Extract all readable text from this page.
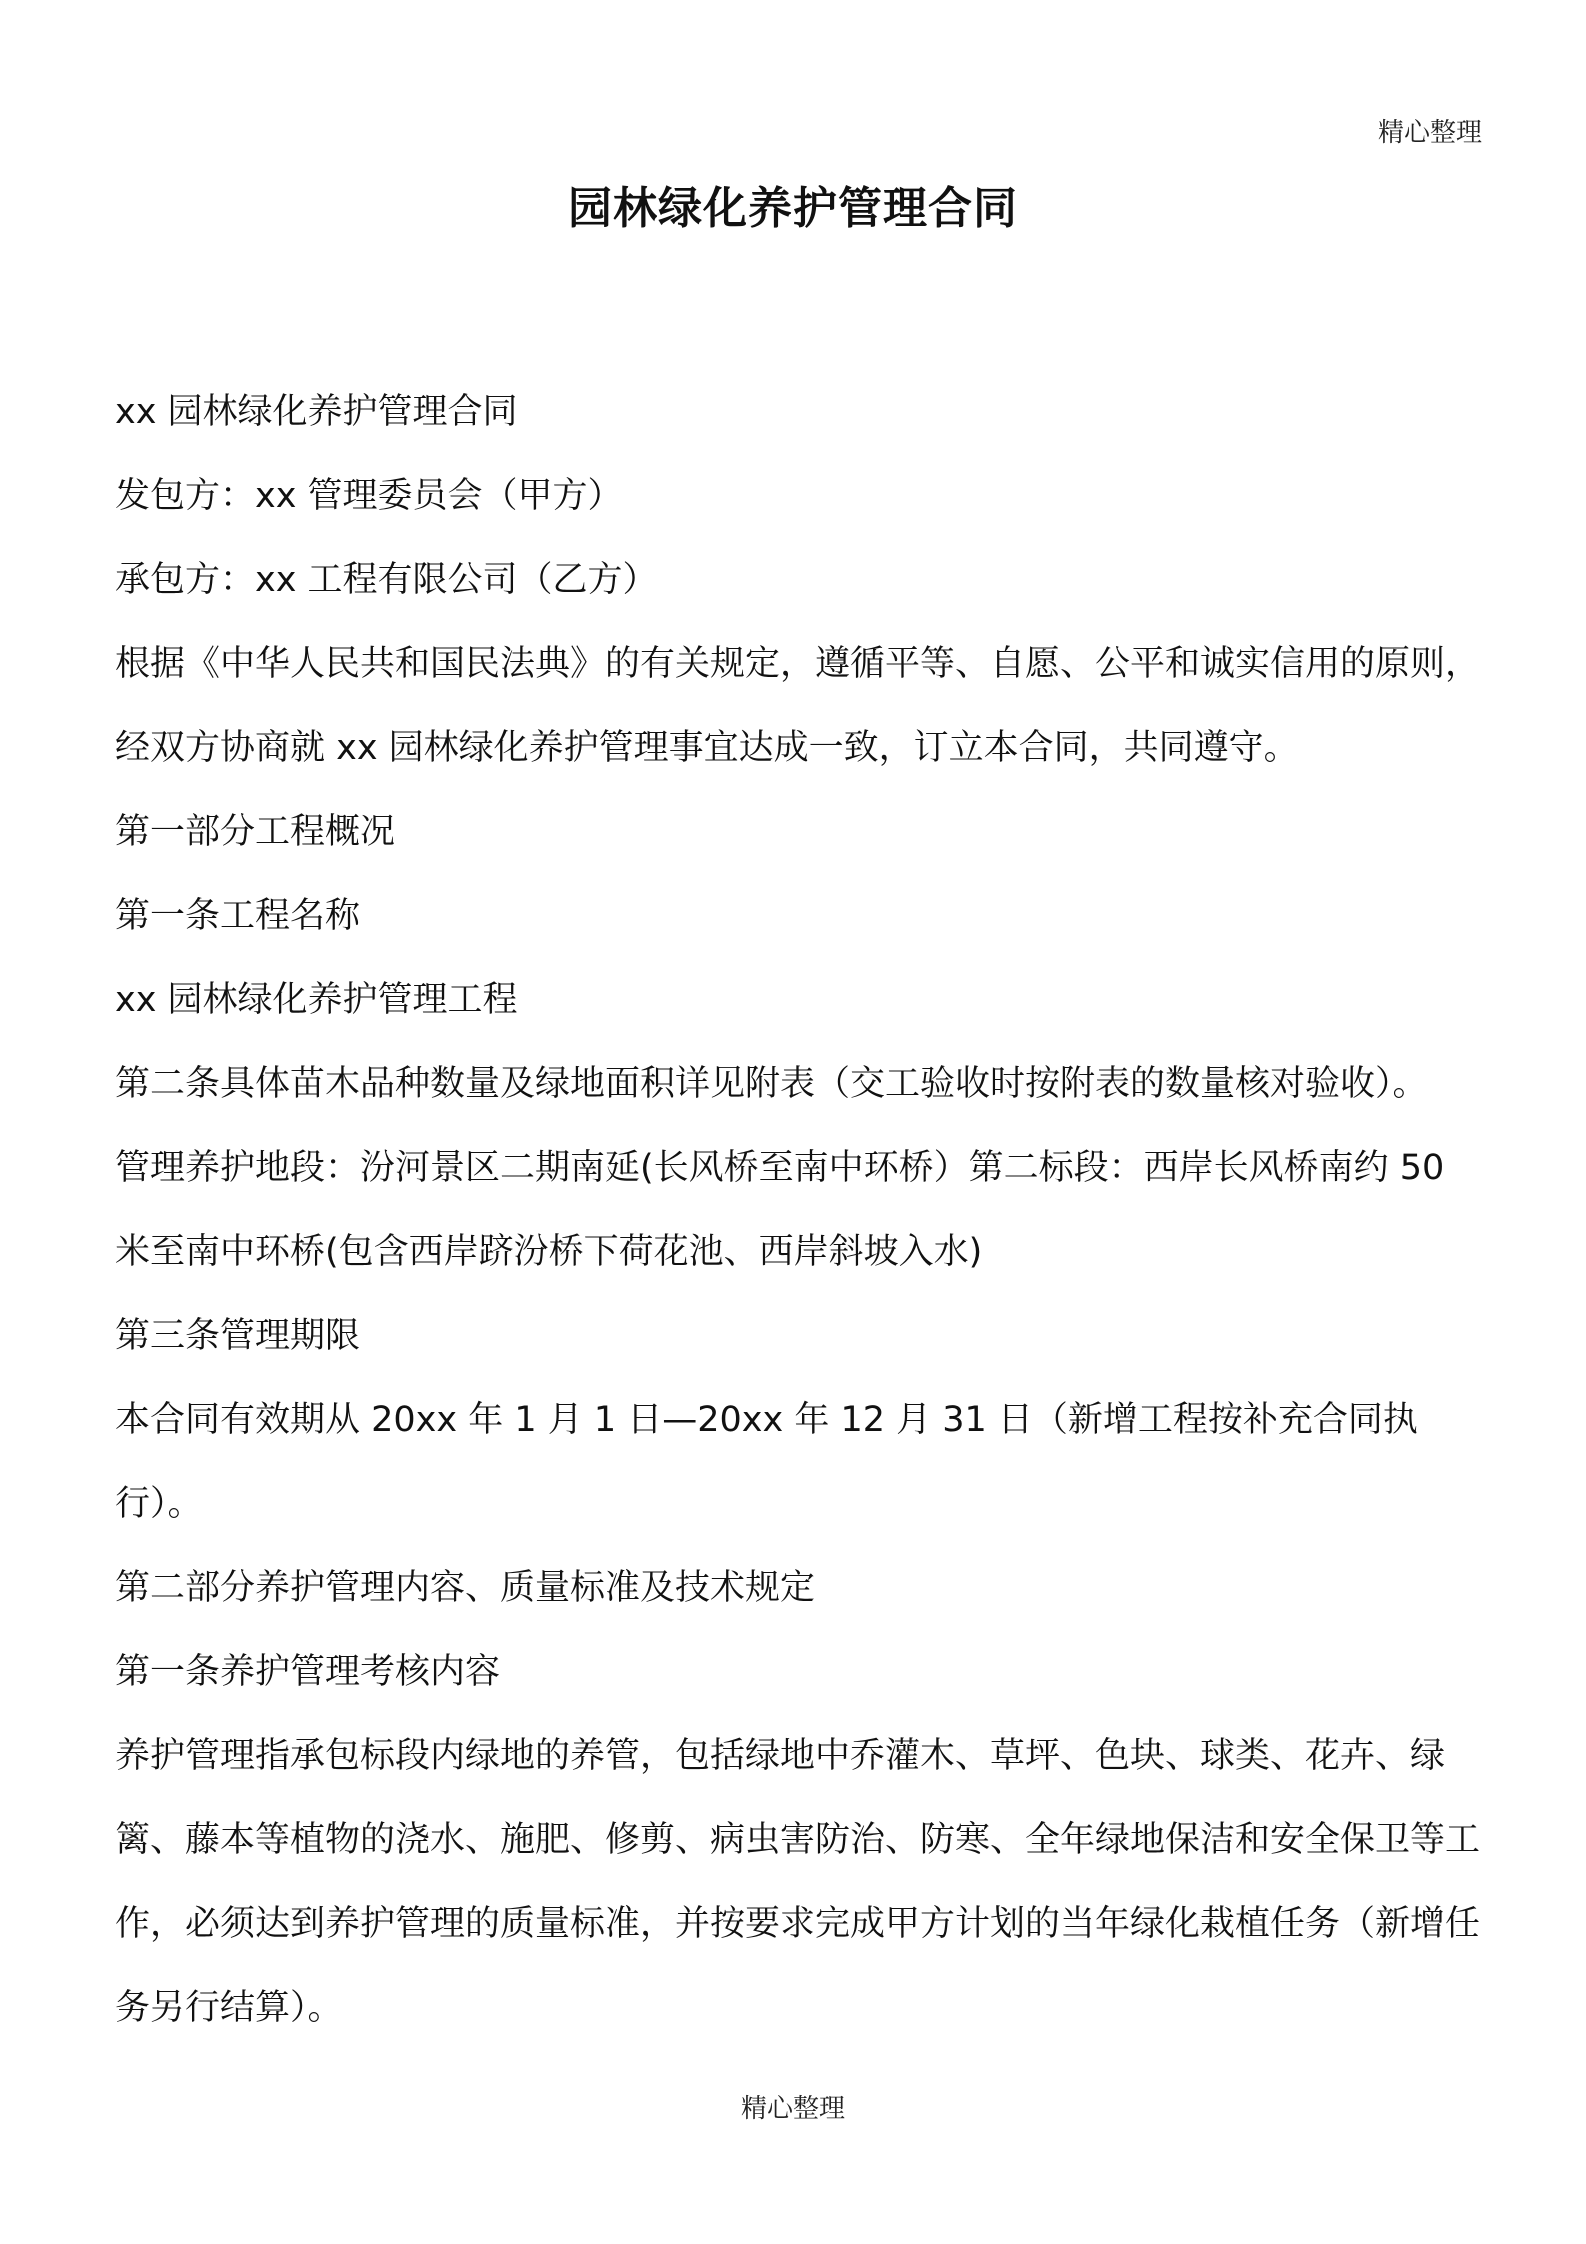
精心整理
园林绿化养护管理合同

xx 园林绿化养护管理合同

发包方：xx 管理委员会（甲方）

承包方：xx 工程有限公司（乙方）

根据《中华人民共和国民法典》的有关规定，遵循平等、自愿、公平和诚实信用的原则，经双方协商就 xx 园林绿化养护管理事宜达成一致，订立本合同，共同遵守。

第一部分工程概况

第一条工程名称

xx 园林绿化养护管理工程

第二条具体苗木品种数量及绿地面积详见附表（交工验收时按附表的数量核对验收）。

管理养护地段：汾河景区二期南延(长风桥至南中环桥）第二标段：西岸长风桥南约 50 米至南中环桥(包含西岸跻汾桥下荷花池、西岸斜坡入水)

第三条管理期限

本合同有效期从 20xx 年 1 月 1 日—20xx 年 12 月 31 日（新增工程按补充合同执行）。

第二部分养护管理内容、质量标准及技术规定

第一条养护管理考核内容

养护管理指承包标段内绿地的养管，包括绿地中乔灌木、草坪、色块、球类、花卉、绿篱、藤本等植物的浇水、施肥、修剪、病虫害防治、防寒、全年绿地保洁和安全保卫等工作，必须达到养护管理的质量标准，并按要求完成甲方计划的当年绿化栽植任务（新增任务另行结算）。

精心整理
